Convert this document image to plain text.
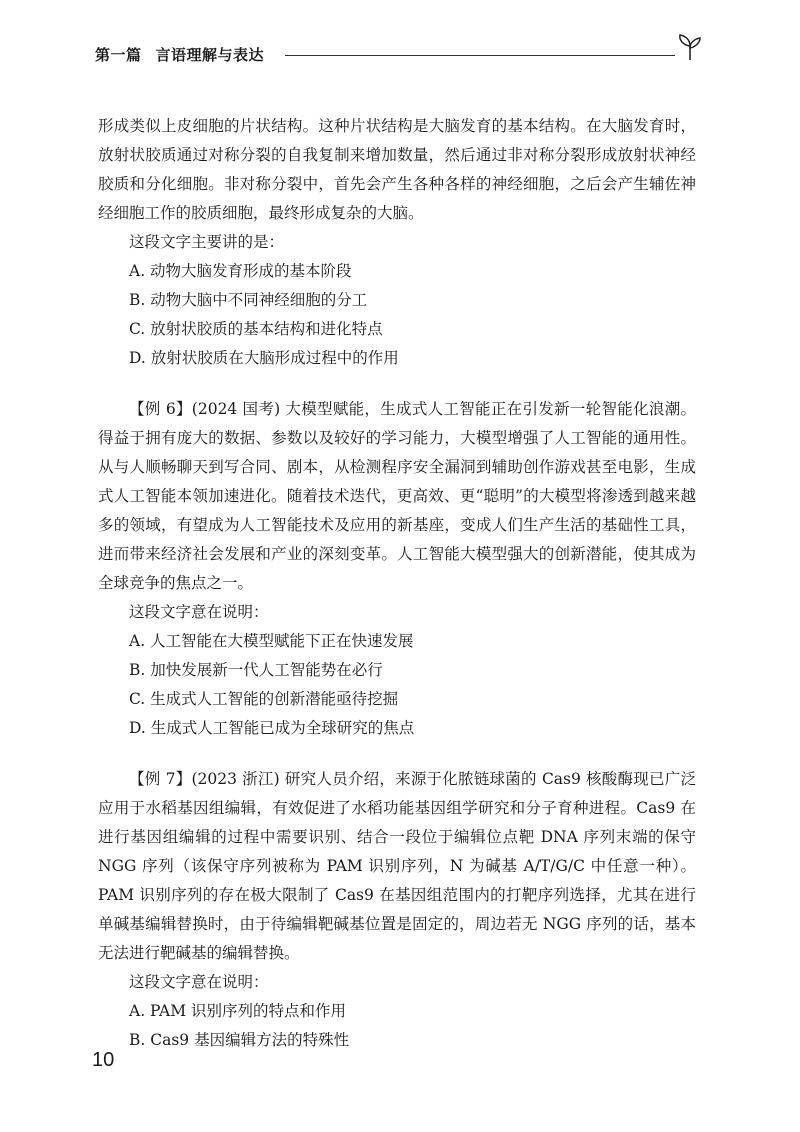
第一篇 言语理解与表达

形成类似上皮细胞的片状结构。这种片状结构是大脑发育的基本结构。在大脑发育时，放射状胶质通过对称分裂的自我复制来增加数量，然后通过非对称分裂形成放射状神经胶质和分化细胞。非对称分裂中，首先会产生各种各样的神经细胞，之后会产生辅佐神经细胞工作的胶质细胞，最终形成复杂的大脑。

这段文字主要讲的是：

A. 动物大脑发育形成的基本阶段

B. 动物大脑中不同神经细胞的分工

C. 放射状胶质的基本结构和进化特点

D. 放射状胶质在大脑形成过程中的作用

【例 6】(2024 国考) 大模型赋能，生成式人工智能正在引发新一轮智能化浪潮。得益于拥有庞大的数据、参数以及较好的学习能力，大模型增强了人工智能的通用性。从与人顺畅聊天到写合同、剧本，从检测程序安全漏洞到辅助创作游戏甚至电影，生成式人工智能本领加速进化。随着技术迭代，更高效、更“聪明”的大模型将渗透到越来越多的领域，有望成为人工智能技术及应用的新基座，变成人们生产生活的基础性工具，进而带来经济社会发展和产业的深刻变革。人工智能大模型强大的创新潜能，使其成为全球竞争的焦点之一。

这段文字意在说明：

A. 人工智能在大模型赋能下正在快速发展

B. 加快发展新一代人工智能势在必行

C. 生成式人工智能的创新潜能亟待挖掘

D. 生成式人工智能已成为全球研究的焦点

【例 7】(2023 浙江) 研究人员介绍，来源于化脓链球菌的 Cas9 核酸酶现已广泛应用于水稻基因组编辑，有效促进了水稻功能基因组学研究和分子育种进程。Cas9 在进行基因组编辑的过程中需要识别、结合一段位于编辑位点靶 DNA 序列末端的保守 NGG 序列（该保守序列被称为 PAM 识别序列，N 为碱基 A/T/G/C 中任意一种）。PAM 识别序列的存在极大限制了 Cas9 在基因组范围内的打靶序列选择，尤其在进行单碱基编辑替换时，由于待编辑靶碱基位置是固定的，周边若无 NGG 序列的话，基本无法进行靶碱基的编辑替换。

这段文字意在说明：

A. PAM 识别序列的特点和作用

B. Cas9 基因编辑方法的特殊性

10
